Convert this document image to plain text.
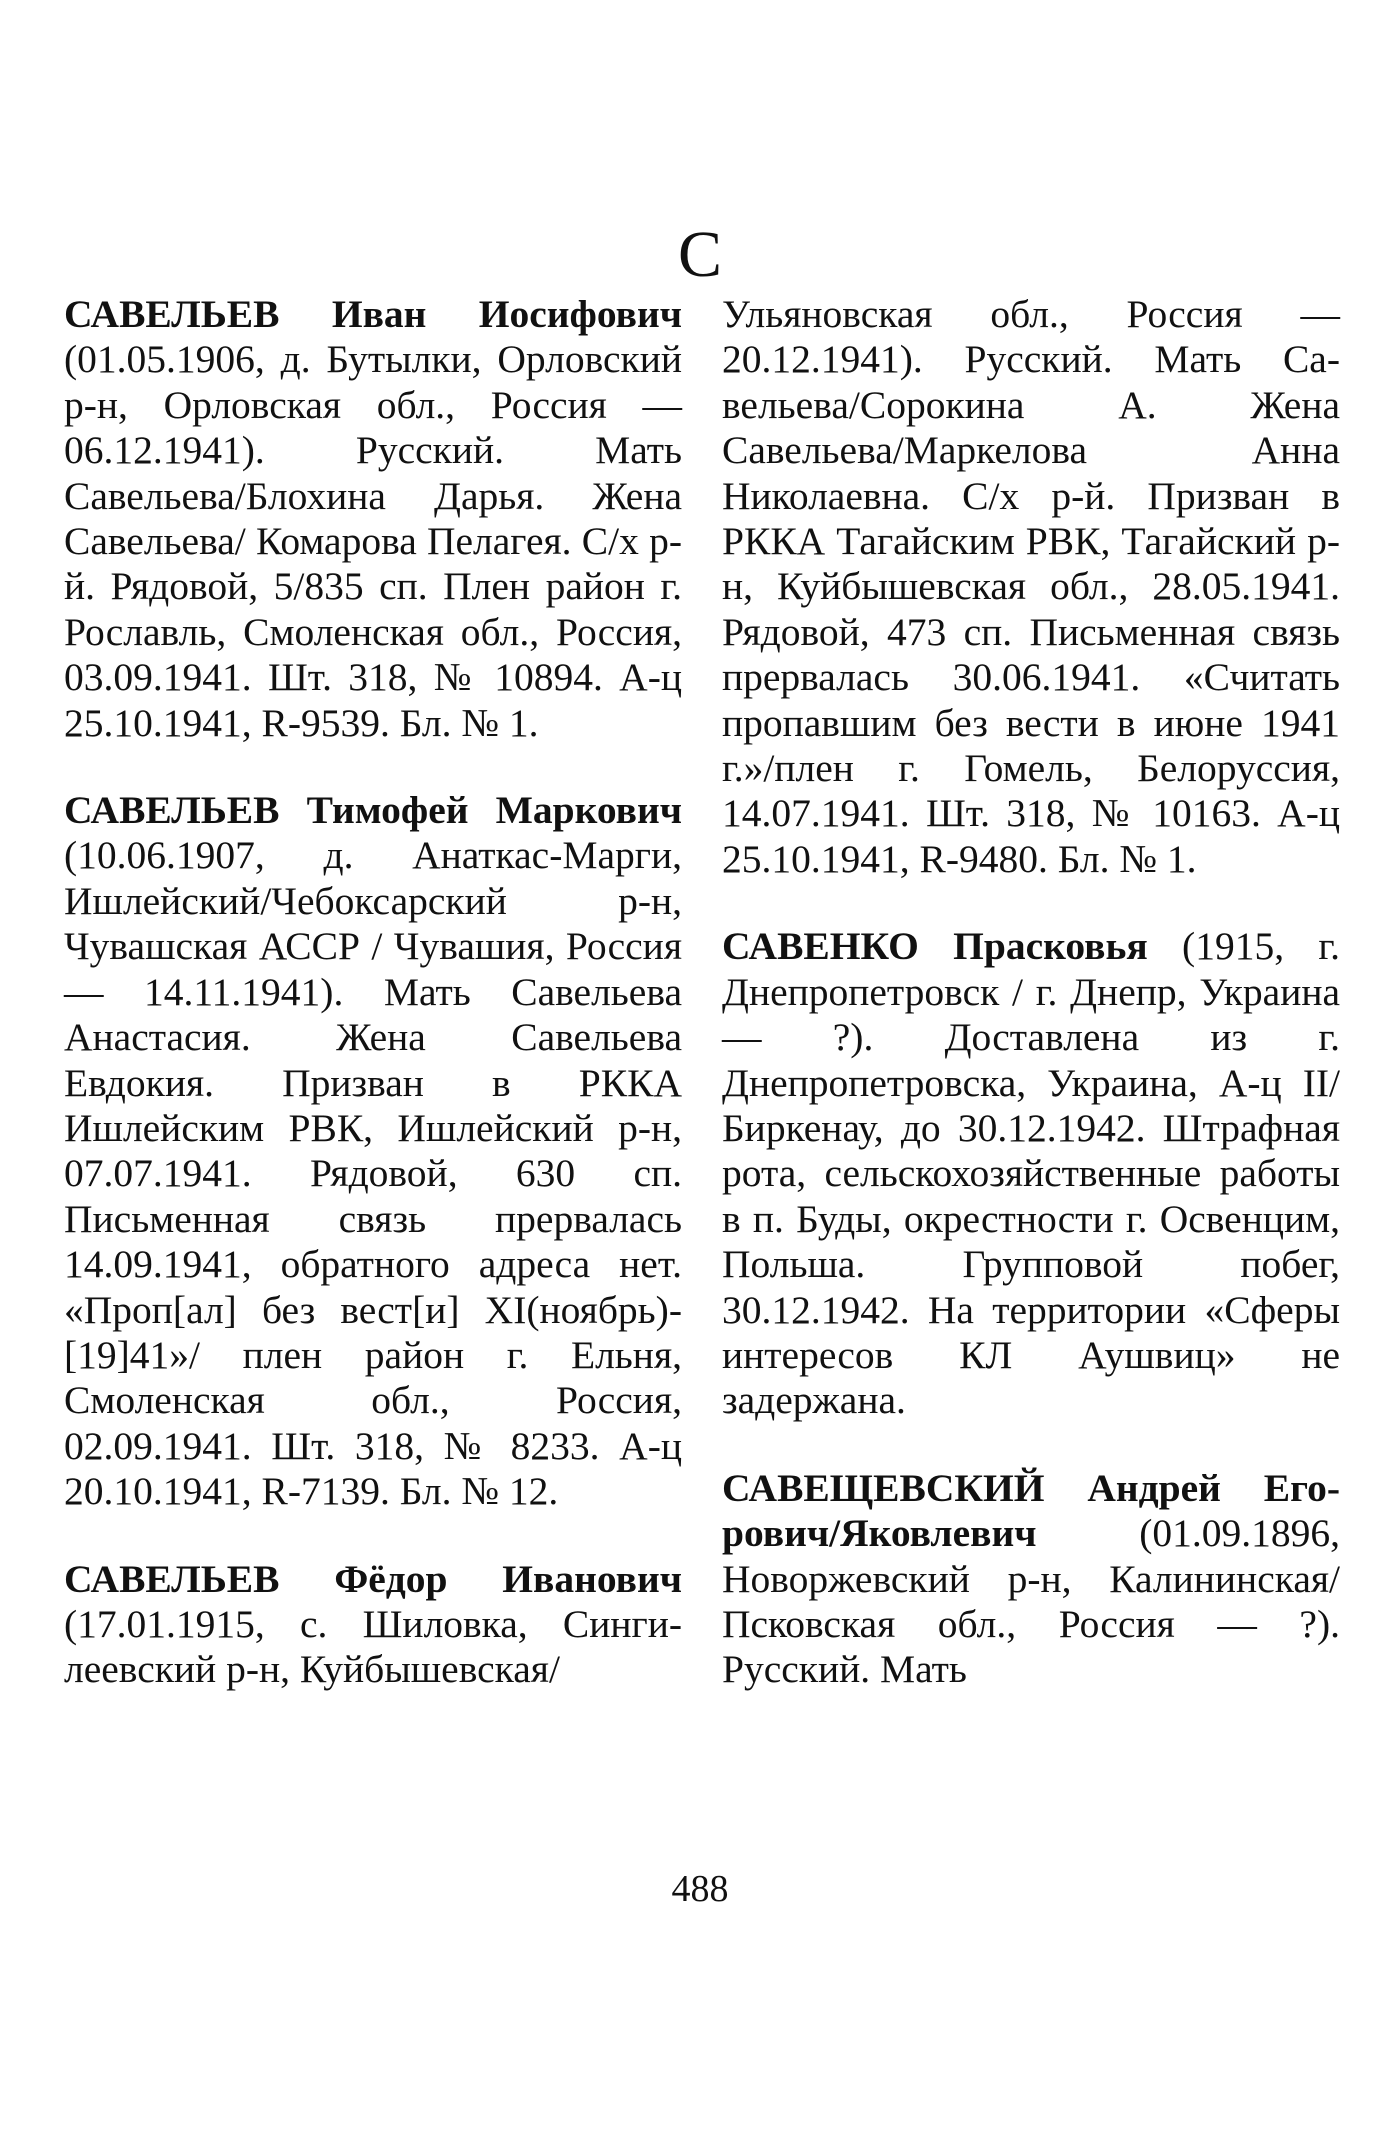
С

САВЕЛЬЕВ Иван Иосифович (01.05.1906, д. Бутылки, Орловский р-н, Орловская обл., Россия — 06.12.1941). Русский. Мать Савельева/Блохина Дарья. Жена Савельева/ Комарова Пелагея. С/х р-й. Рядовой, 5/835 сп. Плен район г. Рославль, Смоленская обл., Россия, 03.09.1941. Шт. 318, № 10894. А-ц 25.10.1941, R-9539. Бл. № 1.

САВЕЛЬЕВ Тимофей Маркович (10.06.1907, д. Анаткас-Марги, Ишлейский/Чебоксарский р-н, Чувашская АССР / Чувашия, Россия — 14.11.1941). Мать Савельева Анастасия. Жена Савельева Евдокия. Призван в РККА Ишлейским РВК, Ишлейский р-н, 07.07.1941. Рядовой, 630 сп. Письменная связь прервалась 14.09.1941, обратного адреса нет. «Проп[ал] без вест[и] XI(ноябрь)-[19]41»/ плен район г. Ельня, Смоленская обл., Россия, 02.09.1941. Шт. 318, № 8233. А-ц 20.10.1941, R-7139. Бл. № 12.

САВЕЛЬЕВ Фёдор Иванович (17.01.1915, с. Шиловка, Сингилеевский р-н, Куйбышевская/

Ульяновская обл., Россия — 20.12.1941). Русский. Мать Савельева/Сорокина А. Жена Савельева/Маркелова Анна Николаевна. С/х р-й. Призван в РККА Тагайским РВК, Тагайский р-н, Куйбышевская обл., 28.05.1941. Рядовой, 473 сп. Письменная связь прервалась 30.06.1941. «Считать пропавшим без вести в июне 1941 г.»/плен г. Гомель, Белоруссия, 14.07.1941. Шт. 318, № 10163. А-ц 25.10.1941, R-9480. Бл. № 1.

САВЕНКО Прасковья (1915, г. Днепропетровск / г. Днепр, Украина — ?). Доставлена из г. Днепропетровска, Украина, А-ц II/Биркенау, до 30.12.1942. Штрафная рота, сельскохозяйственные работы в п. Буды, окрестности г. Освенцим, Польша. Групповой побег, 30.12.1942. На территории «Сферы интересов КЛ Аушвиц» не задержана.

САВЕЩЕВСКИЙ Андрей Егорович/Яковлевич	(01.09.1896, Новоржевский р-н, Калининская/Псковская обл., Россия — ?). Русский. Мать

488
